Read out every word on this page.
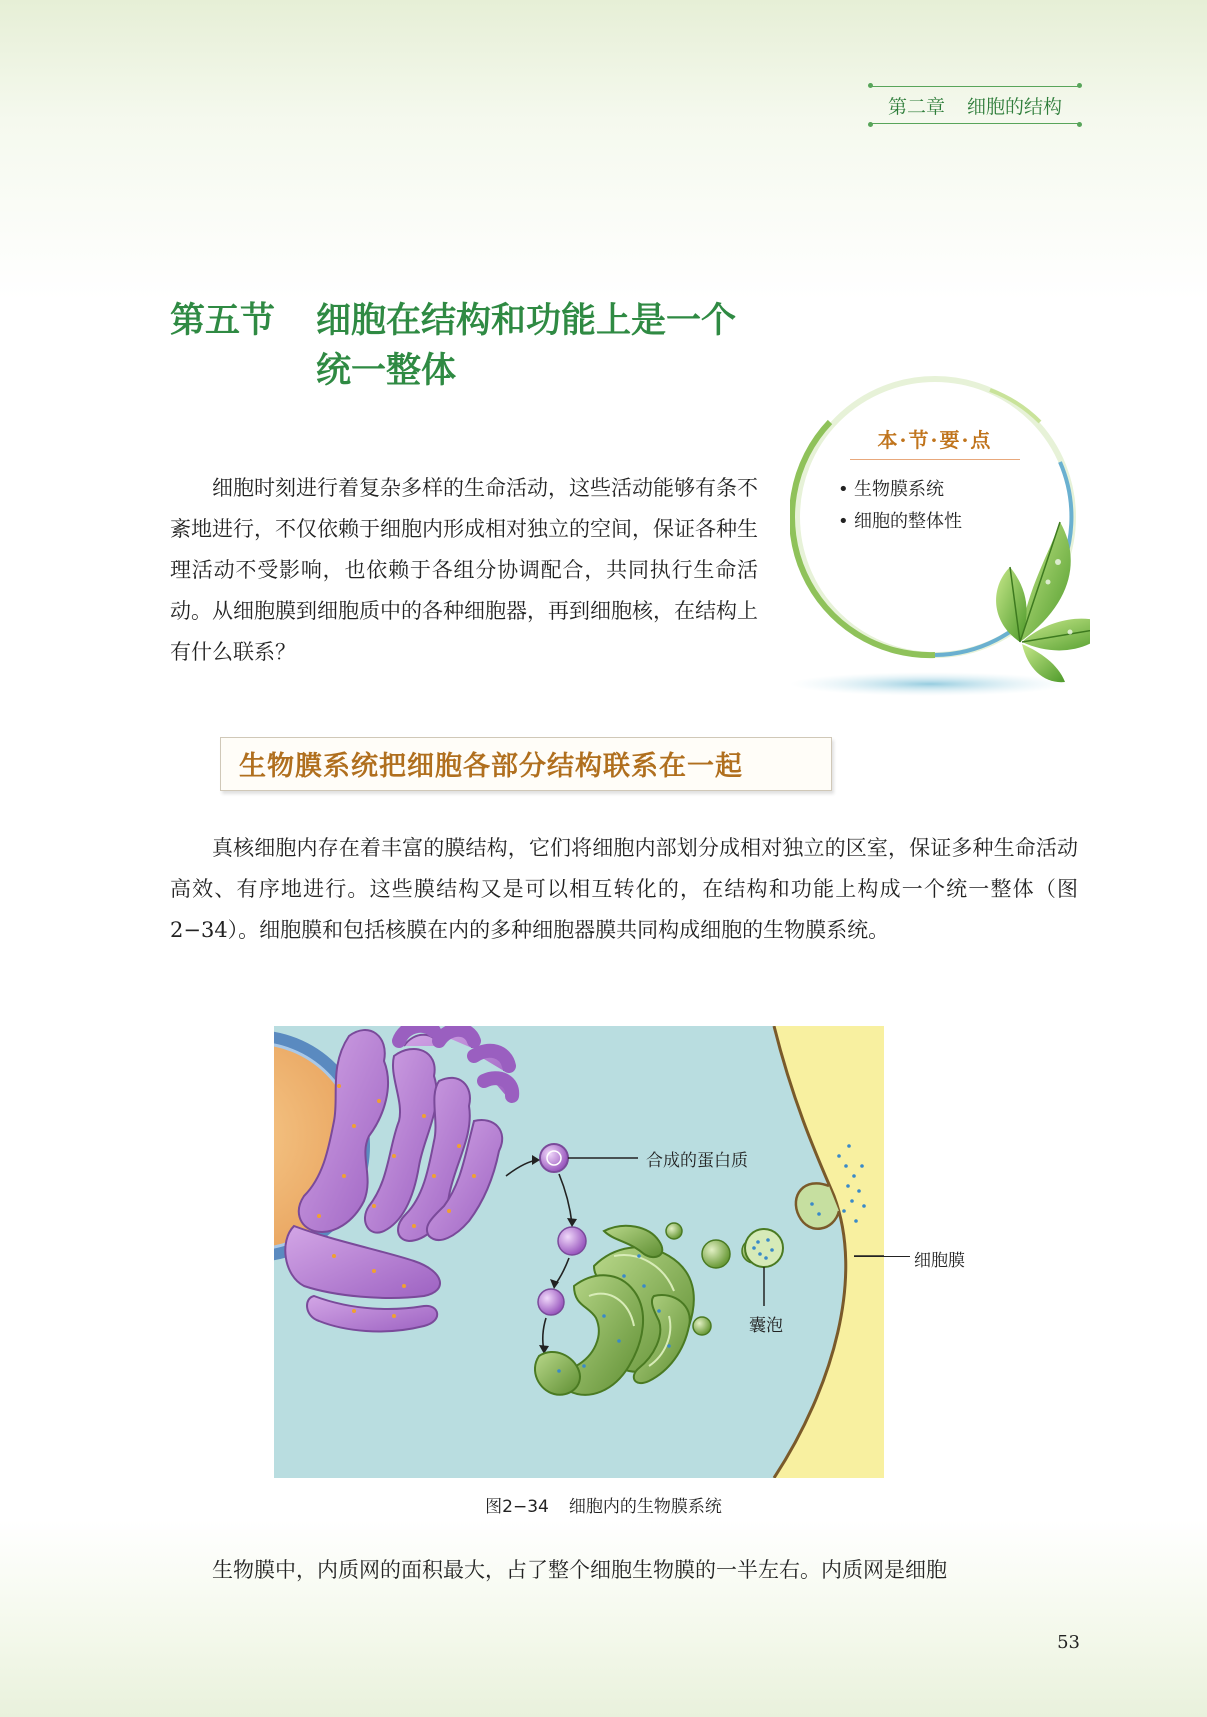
第二章 细胞的结构
第五节 细胞在结构和功能上是一个
统一整体
本·节·要·点
• 生物膜系统
• 细胞的整体性

细胞时刻进行着复杂多样的生命活动，这些活动能够有条不紊地进行，不仅依赖于细胞内形成相对独立的空间，保证各种生理活动不受影响，也依赖于各组分协调配合，共同执行生命活动。从细胞膜到细胞质中的各种细胞器，再到细胞核，在结构上有什么联系？

生物膜系统把细胞各部分结构联系在一起

真核细胞内存在着丰富的膜结构，它们将细胞内部划分成相对独立的区室，保证多种生命活动高效、有序地进行。这些膜结构又是可以相互转化的，在结构和功能上构成一个统一整体（图2−34）。细胞膜和包括核膜在内的多种细胞器膜共同构成细胞的生物膜系统。

合成的蛋白质
囊泡
细胞膜
图2−34 细胞内的生物膜系统

生物膜中，内质网的面积最大，占了整个细胞生物膜的一半左右。内质网是细胞

53
